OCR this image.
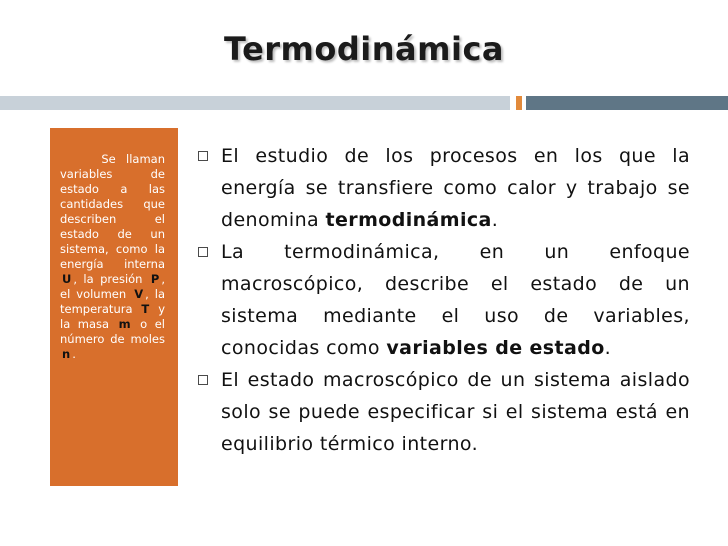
Termodinámica
Se llaman variables de estado a las cantidades que describen el estado de un sistema, como la energía interna U , la presión P , el volumen V , la temperatura T y la masa m o el número de moles n .
El estudio de los procesos en los que la energía se transfiere como calor y trabajo se denomina termodinámica.
La termodinámica, en un enfoque macroscópico, describe el estado de un sistema mediante el uso de variables, conocidas como variables de estado.
El estado macroscópico de un sistema aislado solo se puede especificar si el sistema está en equilibrio térmico interno.
